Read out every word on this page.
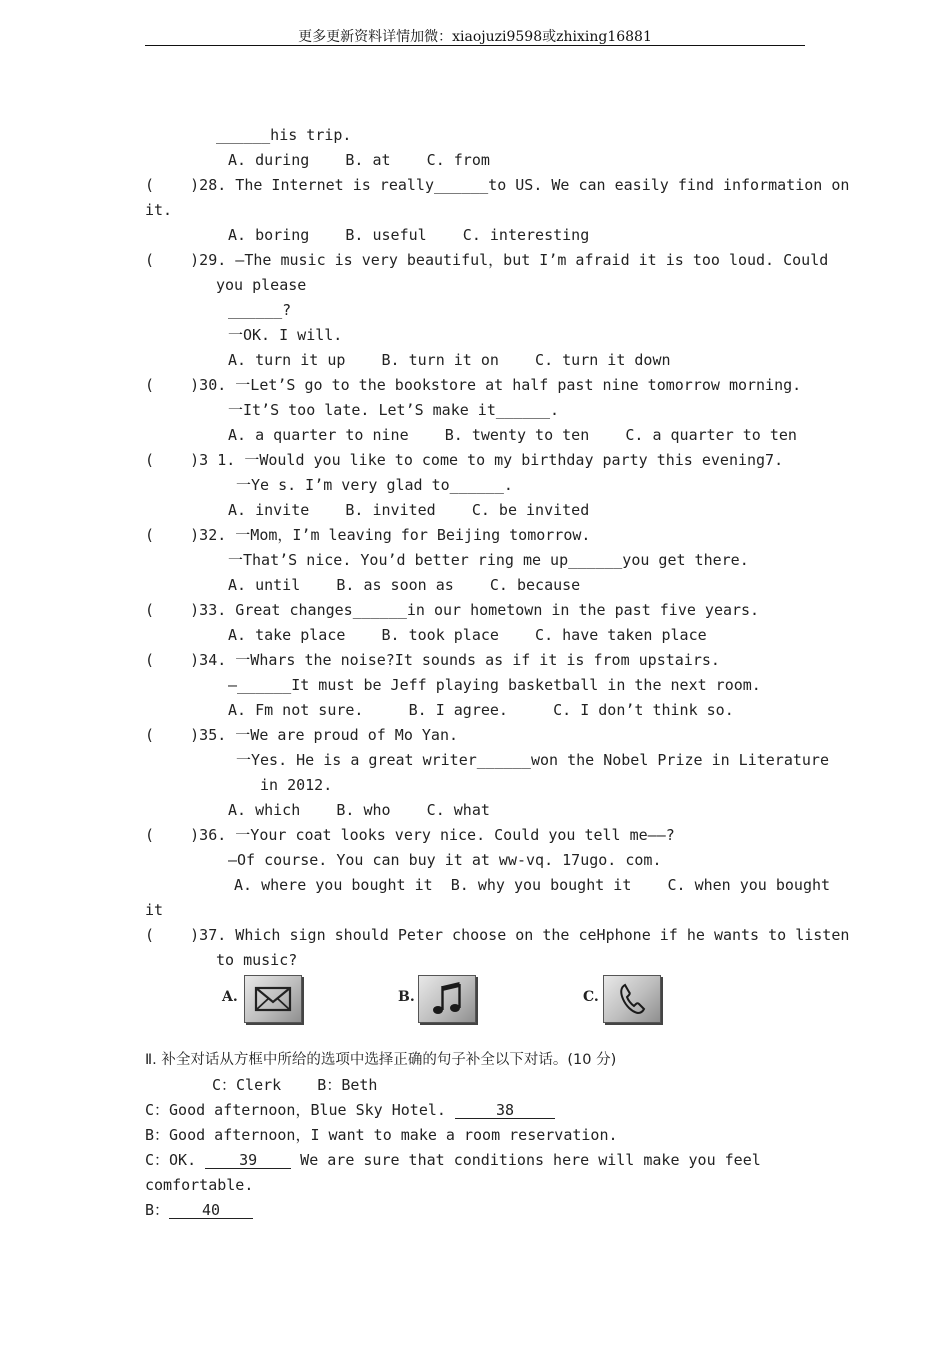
更多更新资料详情加微：xiaojuzi9598或zhixing16881
______his trip.
A. during    B. at    C. from
(    )28. The Internet is really______to US. We can easily find information on
it.
A. boring    B. useful    C. interesting
(    )29. —The music is very beautiful，but I’m afraid it is too loud. Could
you please
______?
一OK. I will.
A. turn it up    B. turn it on    C. turn it down
(    )30. 一Let’S go to the bookstore at half past nine tomorrow morning.
一It’S too late. Let’S make it______.
A. a quarter to nine    B. twenty to ten    C. a quarter to ten
(    )3 1. 一Would you like to come to my birthday party this evening7.
一Ye s. I’m very glad to______.
A. invite    B. invited    C. be invited
(    )32. 一Mom，I’m leaving for Beijing tomorrow.
一That’S nice. You’d better ring me up______you get there.
A. until    B. as soon as    C. because
(    )33. Great changes______in our hometown in the past five years.
A. take place    B. took place    C. have taken place
(    )34. 一Whars the noise?It sounds as if it is from upstairs.
—______It must be Jeff playing basketball in the next room.
A. Fm not sure.     B. I agree.     C. I don’t think so.
(    )35. 一We are proud of Mo Yan.
一Yes. He is a great writer______won the Nobel Prize in Literature
in 2012.
A. which    B. who    C. what
(    )36. 一Your coat looks very nice. Could you tell me——?
—Of course. You can buy it at ww-vq. 17ugo. com.
A. where you bought it  B. why you bought it    C. when you bought
it
(    )37. Which sign should Peter choose on the ceHphone if he wants to listen
to music?
A.	B.	C.
Ⅱ. 补全对话从方框中所给的选项中选择正确的句子补全以下对话。(10 分)
C：Clerk    B：Beth
C：Good afternoon，Blue Sky Hotel.	38
B：Good afternoon，I want to make a room reservation.
C：OK. 39 We are sure that conditions here will make you feel
comfortable.
B： 40
